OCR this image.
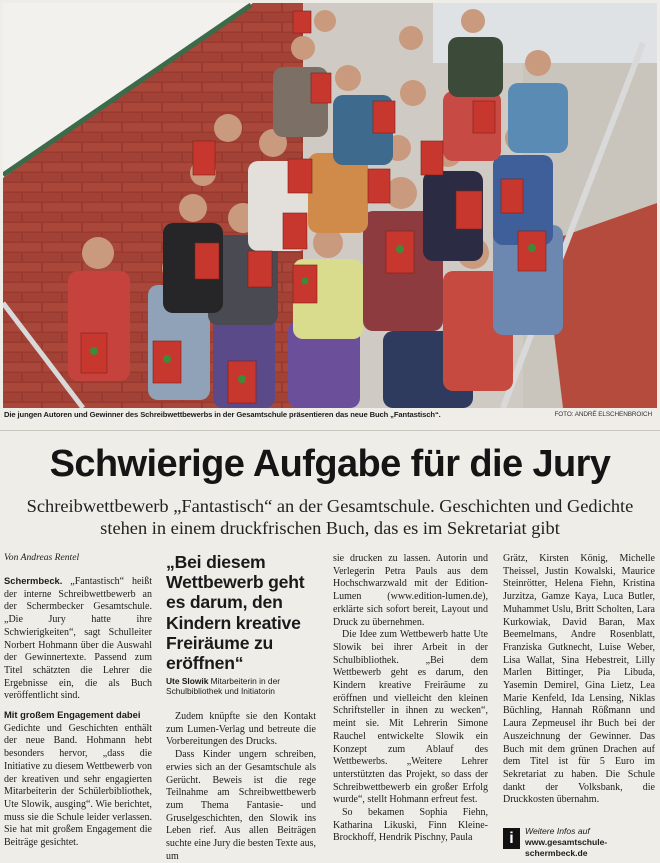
Die jungen Autoren und Gewinner des Schreibwettbewerbs in der Gesamtschule präsentieren das neue Buch „Fantastisch“.	FOTO: ANDRÉ ELSCHENBROICH
Schwierige Aufgabe für die Jury
Schreibwettbewerb „Fantastisch“ an der Gesamtschule. Geschichten und Gedichte stehen in einem druckfrischen Buch, das es im Sekretariat gibt
Von Andreas Rentel

Schermbeck. „Fantastisch“ heißt der interne Schreibwettbewerb an der Schermbecker Gesamtschule. „Die Jury hatte ihre Schwierigkeiten“, sagt Schulleiter Norbert Hohmann über die Auswahl der Gewinnertexte. Passend zum Titel schätzten die Lehrer die Ergebnisse ein, die als Buch veröffentlicht sind.

Mit großem Engagement dabei

Gedichte und Geschichten enthält der neue Band. Hohmann hebt besonders hervor, „dass die Initiative zu diesem Wettbewerb von der kreativen und sehr engagierten Mitarbeiterin der Schülerbibliothek, Ute Slowik, ausging“. Wie berichtet, muss sie die Schule leider verlassen. Sie hat mit großem Engagement die Beiträge gesichtet.

„Bei diesem Wettbewerb geht es darum, den Kindern kreative Freiräume zu eröffnen“
Ute Slowik Mitarbeiterin in der Schulbibliothek und Initiatorin

Zudem knüpfte sie den Kontakt zum Lumen-Verlag und betreute die Vorbereitungen des Drucks.

Dass Kinder ungern schreiben, erwies sich an der Gesamtschule als Gerücht. Beweis ist die rege Teilnahme am Schreibwettbewerb zum Thema Fantasie- und Gruselgeschichten, den Slowik ins Leben rief. Aus allen Beiträgen suchte eine Jury die besten Texte aus, um

sie drucken zu lassen. Autorin und Verlegerin Petra Pauls aus dem Hochschwarzwald mit der Edition-Lumen (www.edition-lumen.de), erklärte sich sofort bereit, Layout und Druck zu übernehmen.

Die Idee zum Wettbewerb hatte Ute Slowik bei ihrer Arbeit in der Schulbibliothek. „Bei dem Wettbewerb geht es darum, den Kindern kreative Freiräume zu eröffnen und vielleicht den kleinen Schriftsteller in ihnen zu wecken“, meint sie. Mit Lehrerin Simone Rauchel entwickelte Slowik ein Konzept zum Ablauf des Wettbewerbs. „Weitere Lehrer unterstützten das Projekt, so dass der Schreibwettbewerb ein großer Erfolg wurde“, stellt Hohmann erfreut fest.

So bekamen Sophia Fiehn, Katharina Likuski, Finn Kleine-Brockhoff, Hendrik Pischny, Paula

Grätz, Kirsten König, Michelle Theissel, Justin Kowalski, Maurice Steinrötter, Helena Fiehn, Kristina Jurzitza, Gamze Kaya, Luca Butler, Muhammet Uslu, Britt Scholten, Lara Kurkowiak, David Baran, Max Beemelmans, Andre Rosenblatt, Franziska Gutknecht, Luise Weber, Lisa Wallat, Sina Hebestreit, Lilly Marlen Bittinger, Pia Libuda, Yasemin Demirel, Gina Lietz, Lea Marie Kenfeld, Ida Lensing, Niklas Büchling, Hannah Rößmann und Laura Zepmeusel ihr Buch bei der Auszeichnung der Gewinner. Das Buch mit dem grünen Drachen auf dem Titel ist für 5 Euro im Sekretariat zu haben. Die Schule dankt der Volksbank, die Druckkosten übernahm.

i	Weitere Infos auf www.gesamtschule-schermbeck.de
